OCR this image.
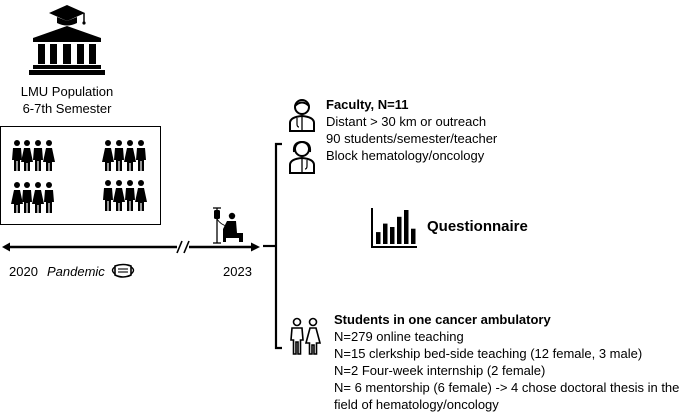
LMU Population
6-7th Semester
2020 Pandemic	2023
Faculty, N=11
Distant > 30 km or outreach
90 students/semester/teacher
Block hematology/oncology
Questionnaire
Students in one cancer ambulatory
N=279 online teaching
N=15 clerkship bed-side teaching (12 female, 3 male)
N=2 Four-week internship (2 female)
N= 6 mentorship (6 female) -> 4 chose doctoral thesis in the
field of hematology/oncology
